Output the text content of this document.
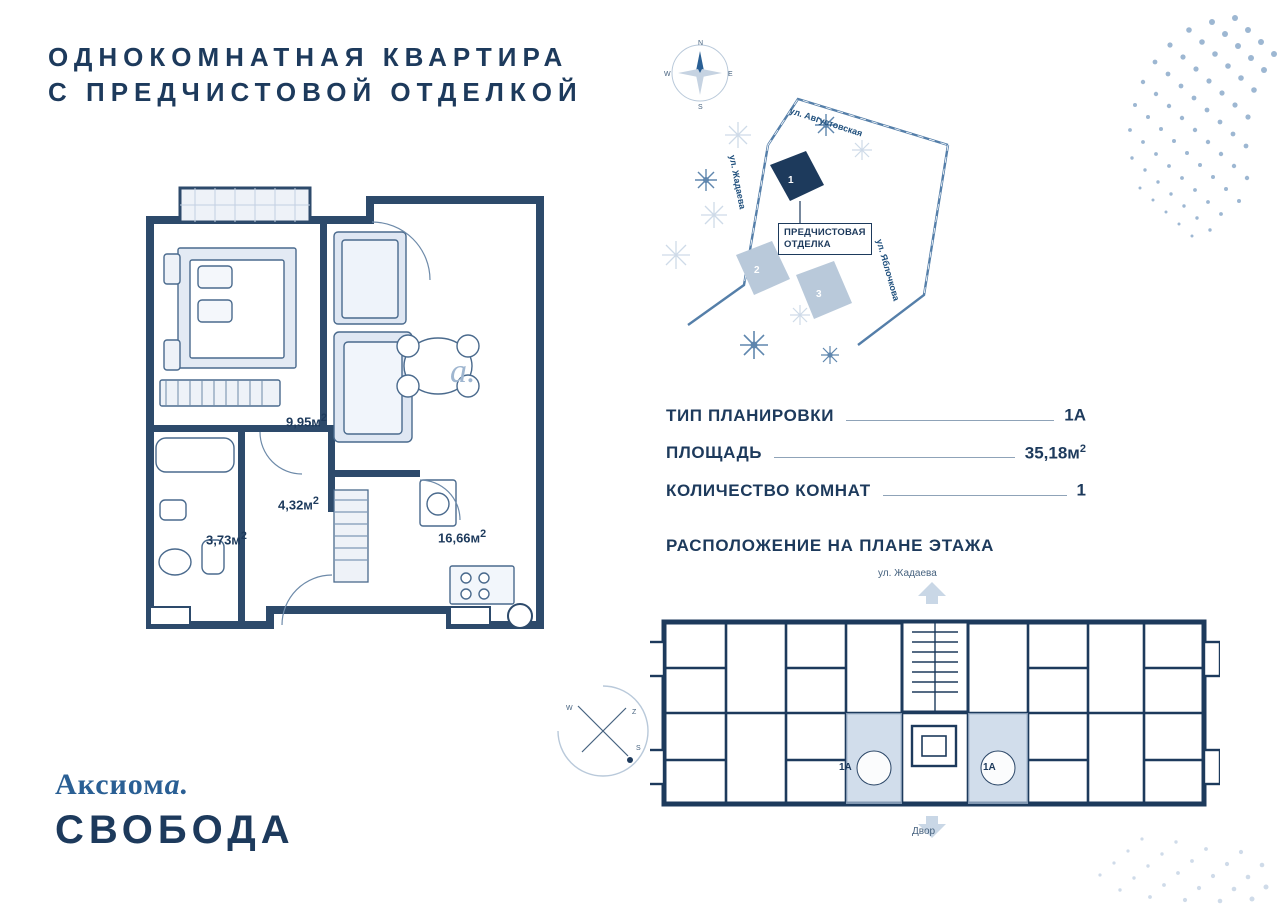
ОДНОКОМНАТНАЯ КВАРТИРА
С ПРЕДЧИСТОВОЙ ОТДЕЛКОЙ
a.
$9,95м^2$
$4,32м^2$
$3,73м^2$	$16,66м^2$
N
S
E
W
1
2
3
ул. Августовская
ул. Жадаева
ул. Яблочкова
ПРЕДЧИСТОВАЯ
ОТДЕЛКА
ТИП ПЛАНИРОВКИ	1А
ПЛОЩАДЬ	$35,18м^2$
КОЛИЧЕСТВО КОМНАТ	1
РАСПОЛОЖЕНИЕ НА ПЛАНЕ ЭТАЖА
W
Z
S
ул. Жадаева
Двор
1А	1А
Аксиомa.
СВОБОДА
